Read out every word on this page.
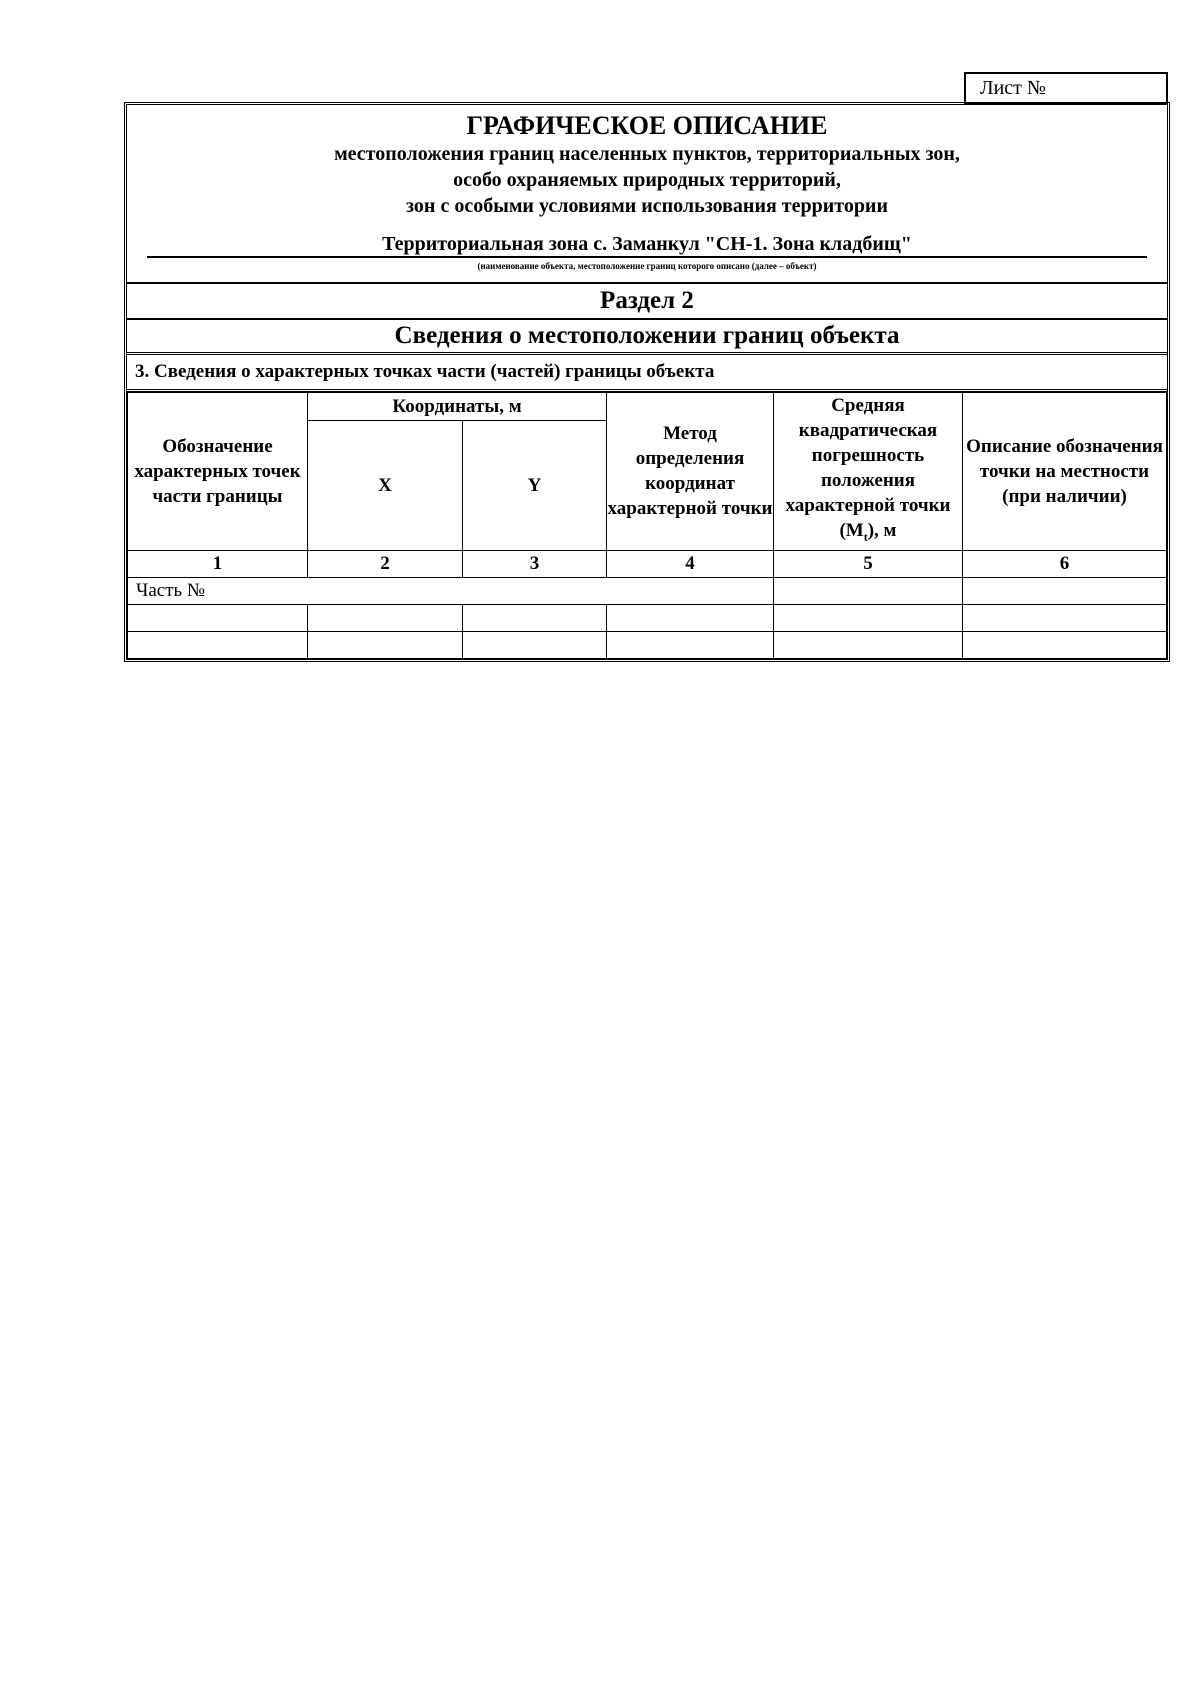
Лист №
ГРАФИЧЕСКОЕ ОПИСАНИЕ
местоположения границ населенных пунктов, территориальных зон,
особо охраняемых природных территорий,
зон с особыми условиями использования территории
Территориальная зона с. Заманкул "СН-1. Зона кладбищ"
(наименование объекта, местоположение границ которого описано (далее – объект)
Раздел 2
Сведения о местоположении границ объекта
3. Сведения о характерных точках части (частей) границы объекта
Обозначение характерных точек части границы	Координаты, м		Метод определения координат характерной точки	Средняя квадратическая погрешность положения характерной точки $(M_t)$, м	Описание обозначения точки на местности (при наличии)
	X	Y			
1	2	3	4	5	6
Часть №					
